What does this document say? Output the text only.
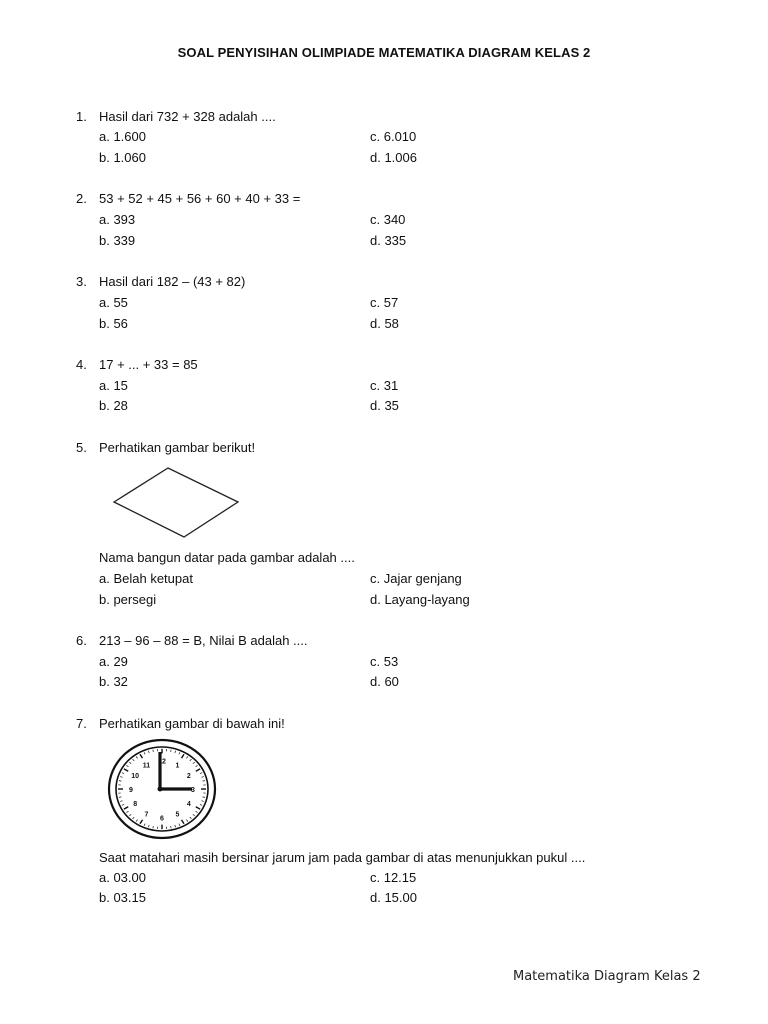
SOAL PENYISIHAN OLIMPIADE MATEMATIKA DIAGRAM KELAS 2
1. Hasil dari 732 + 328 adalah ....
a. 1.600	c. 6.010
b. 1.060	d. 1.006
2. 53 + 52 + 45 + 56 + 60 + 40 + 33 =
a. 393	c. 340
b. 339	d. 335
3. Hasil dari 182 – (43 + 82)
a. 55	c. 57
b. 56	d. 58
4. 17 + ... + 33 = 85
a. 15	c. 31
b. 28	d. 35
5. Perhatikan gambar berikut!
Nama bangun datar pada gambar adalah ....
a. Belah ketupat	c. Jajar genjang
b. persegi	d. Layang-layang
6. 213 – 96 – 88 = B, Nilai B adalah ....
a. 29	c. 53
b. 32	d. 60
7. Perhatikan gambar di bawah ini!
12
1
2
3
4
5
6
7
8
9
10
11
Saat matahari masih bersinar jarum jam pada gambar di atas menunjukkan pukul ....
a. 03.00	c. 12.15
b. 03.15	d. 15.00
Matematika Diagram Kelas 2
